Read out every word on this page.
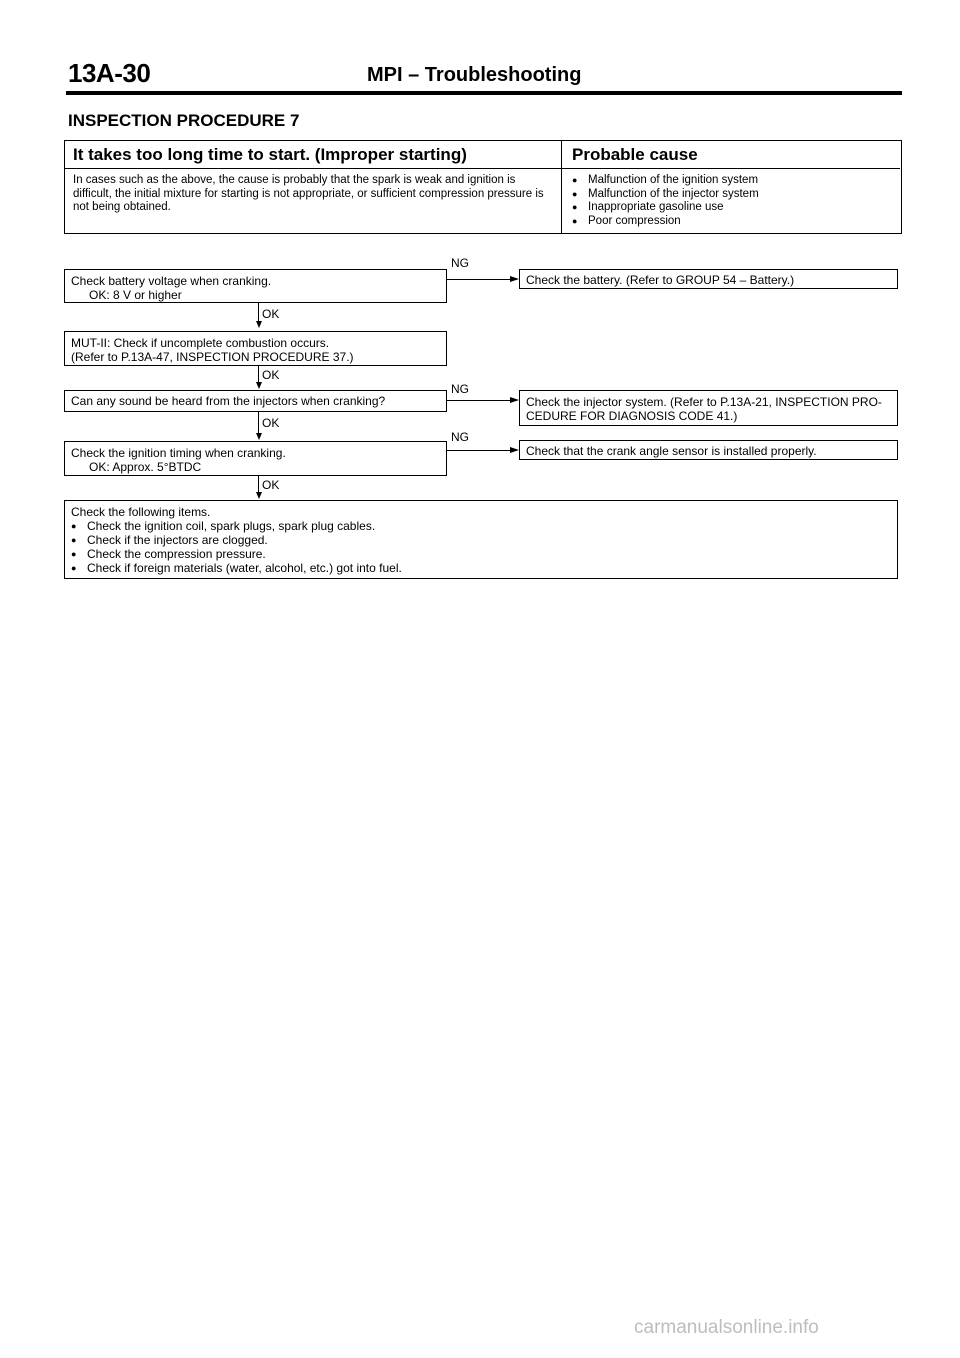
13A-30	MPI – Troubleshooting
INSPECTION PROCEDURE 7
It takes too long time to start. (Improper starting)	Probable cause
In cases such as the above, the cause is probably that the spark is weak and ignition is difficult, the initial mixture for starting is not appropriate, or sufficient compression pressure is not being obtained.
● Malfunction of the ignition system
● Malfunction of the injector system
● Inappropriate gasoline use
● Poor compression
Check battery voltage when cranking.
OK: 8 V or higher
NG
Check the battery. (Refer to GROUP 54 – Battery.)
OK
MUT-II: Check if uncomplete combustion occurs.
(Refer to P.13A-47, INSPECTION PROCEDURE 37.)
OK
Can any sound be heard from the injectors when cranking?
NG
Check the injector system. (Refer to P.13A-21, INSPECTION PRO-
CEDURE FOR DIAGNOSIS CODE 41.)
OK
Check the ignition timing when cranking.
OK: Approx. 5°BTDC
NG
Check that the crank angle sensor is installed properly.
OK
Check the following items.
● Check the ignition coil, spark plugs, spark plug cables.
● Check if the injectors are clogged.
● Check the compression pressure.
● Check if foreign materials (water, alcohol, etc.) got into fuel.
carmanualsonline.info
